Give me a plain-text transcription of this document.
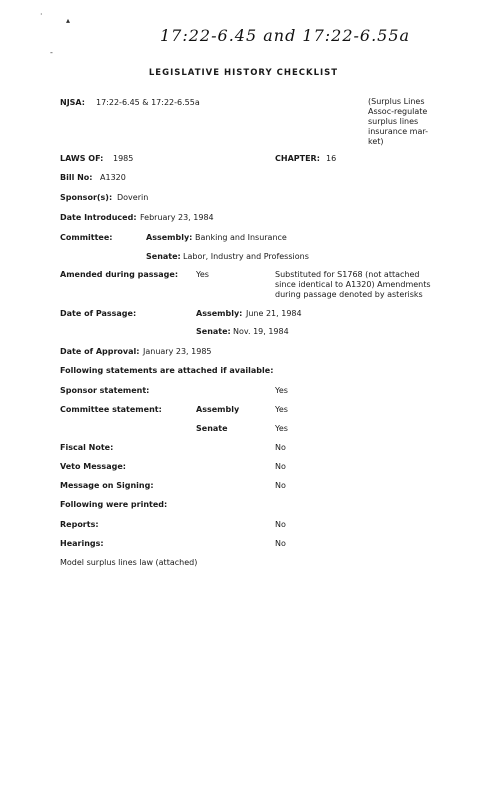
·
▴
-
17:22-6.45 and 17:22-6.55a
LEGISLATIVE HISTORY CHECKLIST
NJSA: 17:22-6.45 & 17:22-6.55a	(Surplus Lines
Assoc-regulate
surplus lines
insurance mar-
ket)
LAWS OF: 1985	CHAPTER: 16
Bill No: A1320
Sponsor(s): Doverin
Date Introduced: February 23, 1984
Committee:	Assembly: Banking and Insurance
Senate: Labor, Industry and Professions
Amended during passage: Yes	Substituted for S1768 (not attached
since identical to A1320) Amendments
during passage denoted by asterisks
Date of Passage:	Assembly: June 21, 1984
Senate: Nov. 19, 1984
Date of Approval: January 23, 1985
Following statements are attached if available:
Sponsor statement:	Yes
Committee statement:	Assembly	Yes
Senate	Yes
Fiscal Note:	No
Veto Message:	No
Message on Signing:	No
Following were printed:
Reports:	No
Hearings:	No
Model surplus lines law (attached)
